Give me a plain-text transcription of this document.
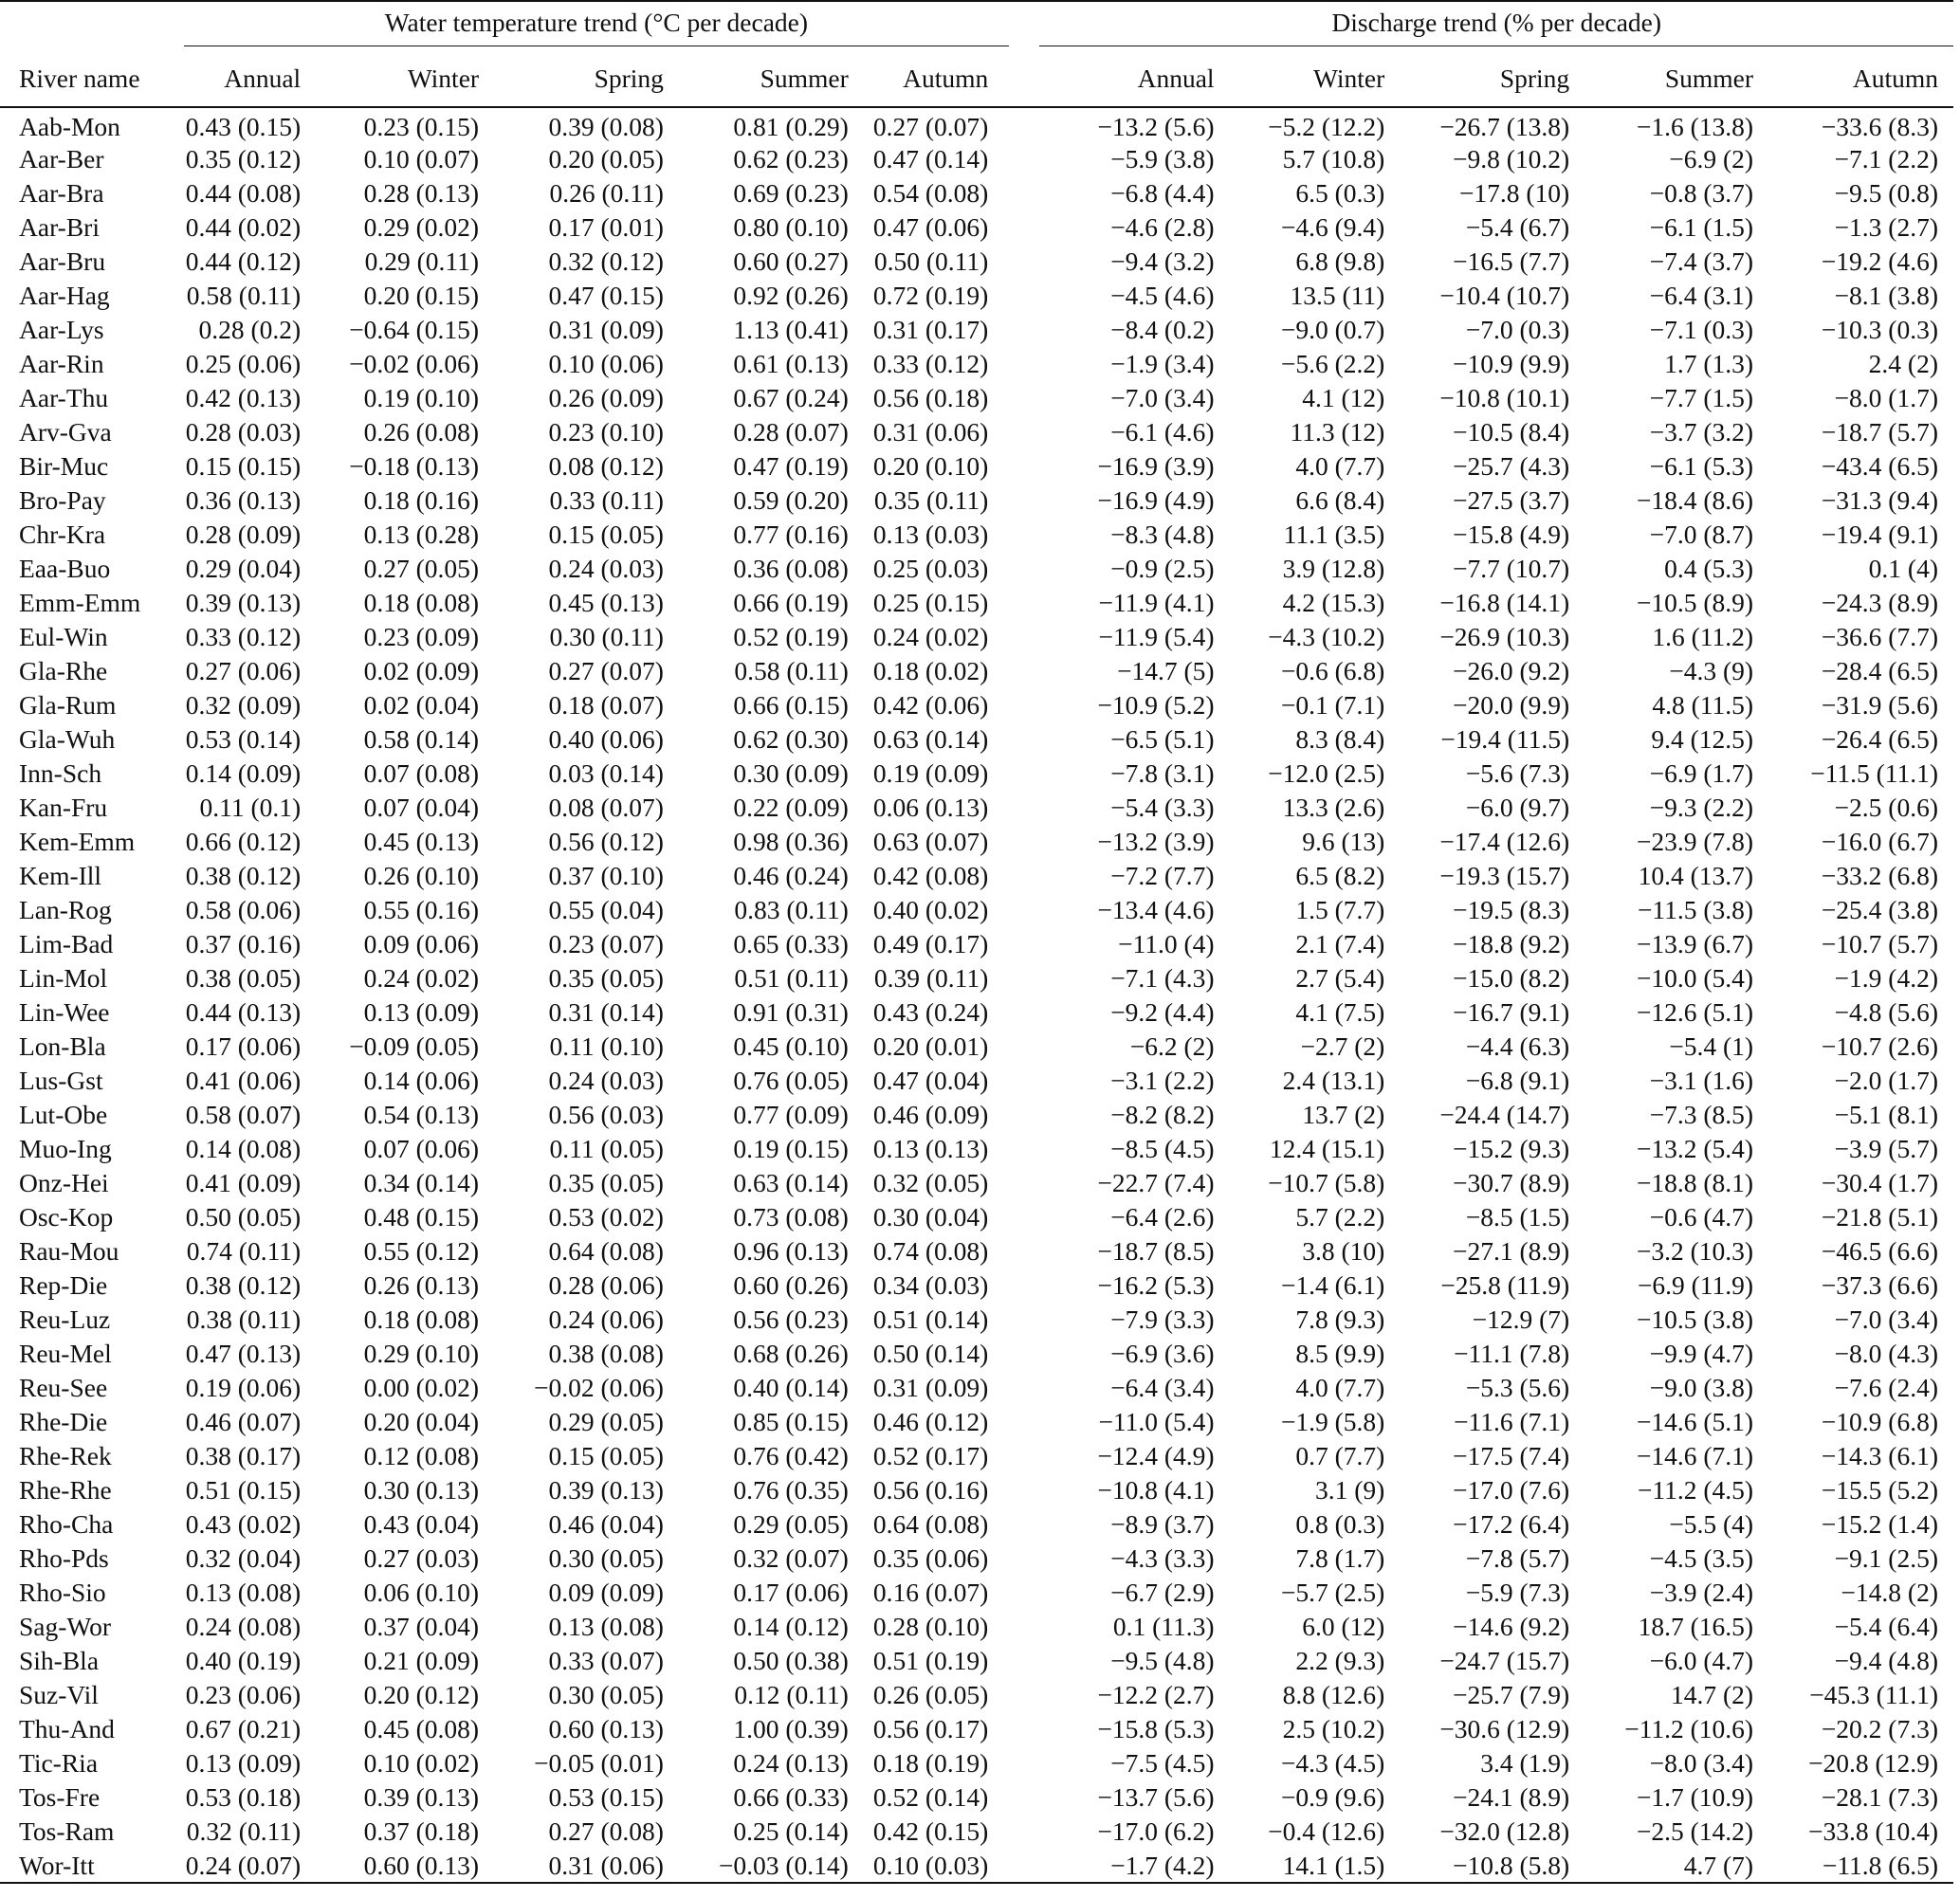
	Water temperature trend (°C per decade)						Discharge trend (% per decade)				

River name	Annual	Winter	Spring	Summer	Autumn		Annual	Winter	Spring	Summer	Autumn
Aab-Mon	0.43 (0.15)	0.23 (0.15)	0.39 (0.08)	0.81 (0.29)	0.27 (0.07)		−13.2 (5.6)	−5.2 (12.2)	−26.7 (13.8)	−1.6 (13.8)	−33.6 (8.3)
Aar-Ber	0.35 (0.12)	0.10 (0.07)	0.20 (0.05)	0.62 (0.23)	0.47 (0.14)		−5.9 (3.8)	5.7 (10.8)	−9.8 (10.2)	−6.9 (2)	−7.1 (2.2)
Aar-Bra	0.44 (0.08)	0.28 (0.13)	0.26 (0.11)	0.69 (0.23)	0.54 (0.08)		−6.8 (4.4)	6.5 (0.3)	−17.8 (10)	−0.8 (3.7)	−9.5 (0.8)
Aar-Bri	0.44 (0.02)	0.29 (0.02)	0.17 (0.01)	0.80 (0.10)	0.47 (0.06)		−4.6 (2.8)	−4.6 (9.4)	−5.4 (6.7)	−6.1 (1.5)	−1.3 (2.7)
Aar-Bru	0.44 (0.12)	0.29 (0.11)	0.32 (0.12)	0.60 (0.27)	0.50 (0.11)		−9.4 (3.2)	6.8 (9.8)	−16.5 (7.7)	−7.4 (3.7)	−19.2 (4.6)
Aar-Hag	0.58 (0.11)	0.20 (0.15)	0.47 (0.15)	0.92 (0.26)	0.72 (0.19)		−4.5 (4.6)	13.5 (11)	−10.4 (10.7)	−6.4 (3.1)	−8.1 (3.8)
Aar-Lys	0.28 (0.2)	−0.64 (0.15)	0.31 (0.09)	1.13 (0.41)	0.31 (0.17)		−8.4 (0.2)	−9.0 (0.7)	−7.0 (0.3)	−7.1 (0.3)	−10.3 (0.3)
Aar-Rin	0.25 (0.06)	−0.02 (0.06)	0.10 (0.06)	0.61 (0.13)	0.33 (0.12)		−1.9 (3.4)	−5.6 (2.2)	−10.9 (9.9)	1.7 (1.3)	2.4 (2)
Aar-Thu	0.42 (0.13)	0.19 (0.10)	0.26 (0.09)	0.67 (0.24)	0.56 (0.18)		−7.0 (3.4)	4.1 (12)	−10.8 (10.1)	−7.7 (1.5)	−8.0 (1.7)
Arv-Gva	0.28 (0.03)	0.26 (0.08)	0.23 (0.10)	0.28 (0.07)	0.31 (0.06)		−6.1 (4.6)	11.3 (12)	−10.5 (8.4)	−3.7 (3.2)	−18.7 (5.7)
Bir-Muc	0.15 (0.15)	−0.18 (0.13)	0.08 (0.12)	0.47 (0.19)	0.20 (0.10)		−16.9 (3.9)	4.0 (7.7)	−25.7 (4.3)	−6.1 (5.3)	−43.4 (6.5)
Bro-Pay	0.36 (0.13)	0.18 (0.16)	0.33 (0.11)	0.59 (0.20)	0.35 (0.11)		−16.9 (4.9)	6.6 (8.4)	−27.5 (3.7)	−18.4 (8.6)	−31.3 (9.4)
Chr-Kra	0.28 (0.09)	0.13 (0.28)	0.15 (0.05)	0.77 (0.16)	0.13 (0.03)		−8.3 (4.8)	11.1 (3.5)	−15.8 (4.9)	−7.0 (8.7)	−19.4 (9.1)
Eaa-Buo	0.29 (0.04)	0.27 (0.05)	0.24 (0.03)	0.36 (0.08)	0.25 (0.03)		−0.9 (2.5)	3.9 (12.8)	−7.7 (10.7)	0.4 (5.3)	0.1 (4)
Emm-Emm	0.39 (0.13)	0.18 (0.08)	0.45 (0.13)	0.66 (0.19)	0.25 (0.15)		−11.9 (4.1)	4.2 (15.3)	−16.8 (14.1)	−10.5 (8.9)	−24.3 (8.9)
Eul-Win	0.33 (0.12)	0.23 (0.09)	0.30 (0.11)	0.52 (0.19)	0.24 (0.02)		−11.9 (5.4)	−4.3 (10.2)	−26.9 (10.3)	1.6 (11.2)	−36.6 (7.7)
Gla-Rhe	0.27 (0.06)	0.02 (0.09)	0.27 (0.07)	0.58 (0.11)	0.18 (0.02)		−14.7 (5)	−0.6 (6.8)	−26.0 (9.2)	−4.3 (9)	−28.4 (6.5)
Gla-Rum	0.32 (0.09)	0.02 (0.04)	0.18 (0.07)	0.66 (0.15)	0.42 (0.06)		−10.9 (5.2)	−0.1 (7.1)	−20.0 (9.9)	4.8 (11.5)	−31.9 (5.6)
Gla-Wuh	0.53 (0.14)	0.58 (0.14)	0.40 (0.06)	0.62 (0.30)	0.63 (0.14)		−6.5 (5.1)	8.3 (8.4)	−19.4 (11.5)	9.4 (12.5)	−26.4 (6.5)
Inn-Sch	0.14 (0.09)	0.07 (0.08)	0.03 (0.14)	0.30 (0.09)	0.19 (0.09)		−7.8 (3.1)	−12.0 (2.5)	−5.6 (7.3)	−6.9 (1.7)	−11.5 (11.1)
Kan-Fru	0.11 (0.1)	0.07 (0.04)	0.08 (0.07)	0.22 (0.09)	0.06 (0.13)		−5.4 (3.3)	13.3 (2.6)	−6.0 (9.7)	−9.3 (2.2)	−2.5 (0.6)
Kem-Emm	0.66 (0.12)	0.45 (0.13)	0.56 (0.12)	0.98 (0.36)	0.63 (0.07)		−13.2 (3.9)	9.6 (13)	−17.4 (12.6)	−23.9 (7.8)	−16.0 (6.7)
Kem-Ill	0.38 (0.12)	0.26 (0.10)	0.37 (0.10)	0.46 (0.24)	0.42 (0.08)		−7.2 (7.7)	6.5 (8.2)	−19.3 (15.7)	10.4 (13.7)	−33.2 (6.8)
Lan-Rog	0.58 (0.06)	0.55 (0.16)	0.55 (0.04)	0.83 (0.11)	0.40 (0.02)		−13.4 (4.6)	1.5 (7.7)	−19.5 (8.3)	−11.5 (3.8)	−25.4 (3.8)
Lim-Bad	0.37 (0.16)	0.09 (0.06)	0.23 (0.07)	0.65 (0.33)	0.49 (0.17)		−11.0 (4)	2.1 (7.4)	−18.8 (9.2)	−13.9 (6.7)	−10.7 (5.7)
Lin-Mol	0.38 (0.05)	0.24 (0.02)	0.35 (0.05)	0.51 (0.11)	0.39 (0.11)		−7.1 (4.3)	2.7 (5.4)	−15.0 (8.2)	−10.0 (5.4)	−1.9 (4.2)
Lin-Wee	0.44 (0.13)	0.13 (0.09)	0.31 (0.14)	0.91 (0.31)	0.43 (0.24)		−9.2 (4.4)	4.1 (7.5)	−16.7 (9.1)	−12.6 (5.1)	−4.8 (5.6)
Lon-Bla	0.17 (0.06)	−0.09 (0.05)	0.11 (0.10)	0.45 (0.10)	0.20 (0.01)		−6.2 (2)	−2.7 (2)	−4.4 (6.3)	−5.4 (1)	−10.7 (2.6)
Lus-Gst	0.41 (0.06)	0.14 (0.06)	0.24 (0.03)	0.76 (0.05)	0.47 (0.04)		−3.1 (2.2)	2.4 (13.1)	−6.8 (9.1)	−3.1 (1.6)	−2.0 (1.7)
Lut-Obe	0.58 (0.07)	0.54 (0.13)	0.56 (0.03)	0.77 (0.09)	0.46 (0.09)		−8.2 (8.2)	13.7 (2)	−24.4 (14.7)	−7.3 (8.5)	−5.1 (8.1)
Muo-Ing	0.14 (0.08)	0.07 (0.06)	0.11 (0.05)	0.19 (0.15)	0.13 (0.13)		−8.5 (4.5)	12.4 (15.1)	−15.2 (9.3)	−13.2 (5.4)	−3.9 (5.7)
Onz-Hei	0.41 (0.09)	0.34 (0.14)	0.35 (0.05)	0.63 (0.14)	0.32 (0.05)		−22.7 (7.4)	−10.7 (5.8)	−30.7 (8.9)	−18.8 (8.1)	−30.4 (1.7)
Osc-Kop	0.50 (0.05)	0.48 (0.15)	0.53 (0.02)	0.73 (0.08)	0.30 (0.04)		−6.4 (2.6)	5.7 (2.2)	−8.5 (1.5)	−0.6 (4.7)	−21.8 (5.1)
Rau-Mou	0.74 (0.11)	0.55 (0.12)	0.64 (0.08)	0.96 (0.13)	0.74 (0.08)		−18.7 (8.5)	3.8 (10)	−27.1 (8.9)	−3.2 (10.3)	−46.5 (6.6)
Rep-Die	0.38 (0.12)	0.26 (0.13)	0.28 (0.06)	0.60 (0.26)	0.34 (0.03)		−16.2 (5.3)	−1.4 (6.1)	−25.8 (11.9)	−6.9 (11.9)	−37.3 (6.6)
Reu-Luz	0.38 (0.11)	0.18 (0.08)	0.24 (0.06)	0.56 (0.23)	0.51 (0.14)		−7.9 (3.3)	7.8 (9.3)	−12.9 (7)	−10.5 (3.8)	−7.0 (3.4)
Reu-Mel	0.47 (0.13)	0.29 (0.10)	0.38 (0.08)	0.68 (0.26)	0.50 (0.14)		−6.9 (3.6)	8.5 (9.9)	−11.1 (7.8)	−9.9 (4.7)	−8.0 (4.3)
Reu-See	0.19 (0.06)	0.00 (0.02)	−0.02 (0.06)	0.40 (0.14)	0.31 (0.09)		−6.4 (3.4)	4.0 (7.7)	−5.3 (5.6)	−9.0 (3.8)	−7.6 (2.4)
Rhe-Die	0.46 (0.07)	0.20 (0.04)	0.29 (0.05)	0.85 (0.15)	0.46 (0.12)		−11.0 (5.4)	−1.9 (5.8)	−11.6 (7.1)	−14.6 (5.1)	−10.9 (6.8)
Rhe-Rek	0.38 (0.17)	0.12 (0.08)	0.15 (0.05)	0.76 (0.42)	0.52 (0.17)		−12.4 (4.9)	0.7 (7.7)	−17.5 (7.4)	−14.6 (7.1)	−14.3 (6.1)
Rhe-Rhe	0.51 (0.15)	0.30 (0.13)	0.39 (0.13)	0.76 (0.35)	0.56 (0.16)		−10.8 (4.1)	3.1 (9)	−17.0 (7.6)	−11.2 (4.5)	−15.5 (5.2)
Rho-Cha	0.43 (0.02)	0.43 (0.04)	0.46 (0.04)	0.29 (0.05)	0.64 (0.08)		−8.9 (3.7)	0.8 (0.3)	−17.2 (6.4)	−5.5 (4)	−15.2 (1.4)
Rho-Pds	0.32 (0.04)	0.27 (0.03)	0.30 (0.05)	0.32 (0.07)	0.35 (0.06)		−4.3 (3.3)	7.8 (1.7)	−7.8 (5.7)	−4.5 (3.5)	−9.1 (2.5)
Rho-Sio	0.13 (0.08)	0.06 (0.10)	0.09 (0.09)	0.17 (0.06)	0.16 (0.07)		−6.7 (2.9)	−5.7 (2.5)	−5.9 (7.3)	−3.9 (2.4)	−14.8 (2)
Sag-Wor	0.24 (0.08)	0.37 (0.04)	0.13 (0.08)	0.14 (0.12)	0.28 (0.10)		0.1 (11.3)	6.0 (12)	−14.6 (9.2)	18.7 (16.5)	−5.4 (6.4)
Sih-Bla	0.40 (0.19)	0.21 (0.09)	0.33 (0.07)	0.50 (0.38)	0.51 (0.19)		−9.5 (4.8)	2.2 (9.3)	−24.7 (15.7)	−6.0 (4.7)	−9.4 (4.8)
Suz-Vil	0.23 (0.06)	0.20 (0.12)	0.30 (0.05)	0.12 (0.11)	0.26 (0.05)		−12.2 (2.7)	8.8 (12.6)	−25.7 (7.9)	14.7 (2)	−45.3 (11.1)
Thu-And	0.67 (0.21)	0.45 (0.08)	0.60 (0.13)	1.00 (0.39)	0.56 (0.17)		−15.8 (5.3)	2.5 (10.2)	−30.6 (12.9)	−11.2 (10.6)	−20.2 (7.3)
Tic-Ria	0.13 (0.09)	0.10 (0.02)	−0.05 (0.01)	0.24 (0.13)	0.18 (0.19)		−7.5 (4.5)	−4.3 (4.5)	3.4 (1.9)	−8.0 (3.4)	−20.8 (12.9)
Tos-Fre	0.53 (0.18)	0.39 (0.13)	0.53 (0.15)	0.66 (0.33)	0.52 (0.14)		−13.7 (5.6)	−0.9 (9.6)	−24.1 (8.9)	−1.7 (10.9)	−28.1 (7.3)
Tos-Ram	0.32 (0.11)	0.37 (0.18)	0.27 (0.08)	0.25 (0.14)	0.42 (0.15)		−17.0 (6.2)	−0.4 (12.6)	−32.0 (12.8)	−2.5 (14.2)	−33.8 (10.4)
Wor-Itt	0.24 (0.07)	0.60 (0.13)	0.31 (0.06)	−0.03 (0.14)	0.10 (0.03)		−1.7 (4.2)	14.1 (1.5)	−10.8 (5.8)	4.7 (7)	−11.8 (6.5)
